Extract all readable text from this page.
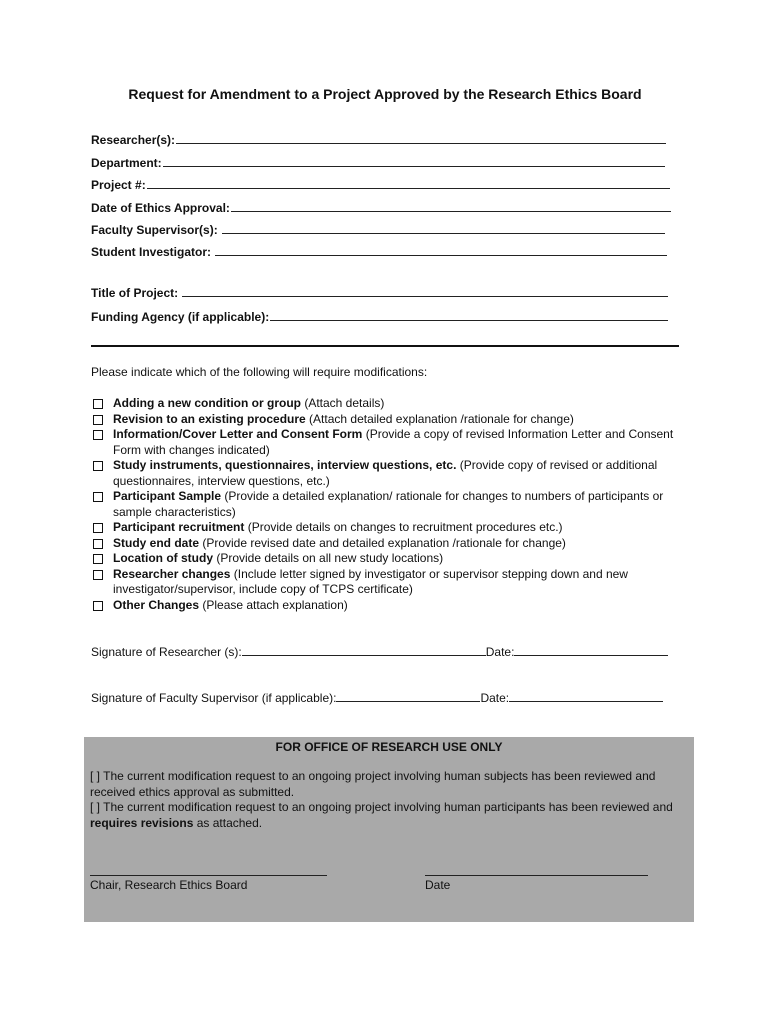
Request for Amendment to a Project Approved by the Research Ethics Board
Researcher(s):
Department:
Project #:
Date of Ethics Approval:
Faculty Supervisor(s):
Student Investigator:
Title of Project:
Funding Agency (if applicable):
Please indicate which of the following will require modifications:
Adding a new condition or group (Attach details)
Revision to an existing procedure (Attach detailed explanation /rationale for change)
Information/Cover Letter and Consent Form (Provide a copy of revised Information Letter and Consent Form with changes indicated)
Study instruments, questionnaires, interview questions, etc. (Provide copy of revised or additional questionnaires, interview questions, etc.)
Participant Sample (Provide a detailed explanation/ rationale for changes to numbers of participants or sample characteristics)
Participant recruitment (Provide details on changes to recruitment procedures etc.)
Study end date (Provide revised date and detailed explanation /rationale for change)
Location of study (Provide details on all new study locations)
Researcher changes (Include letter signed by investigator or supervisor stepping down and new investigator/supervisor, include copy of TCPS certificate)
Other Changes (Please attach explanation)
Signature of Researcher (s):	Date:
Signature of Faculty Supervisor (if applicable):	Date:
FOR OFFICE OF RESEARCH USE ONLY
[ ] The current modification request to an ongoing project involving human subjects has been reviewed and received ethics approval as submitted.
[ ] The current modification request to an ongoing project involving human participants has been reviewed and requires revisions as attached.
Chair, Research Ethics Board	Date
